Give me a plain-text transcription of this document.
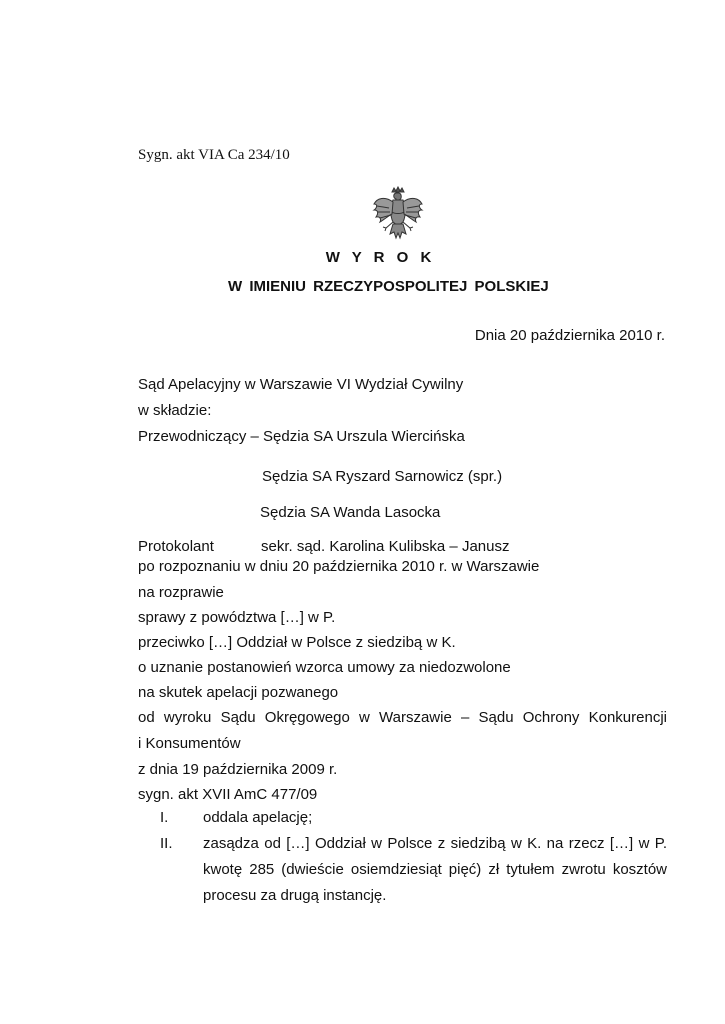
Sygn. akt VIA Ca 234/10
W Y R O K
W IMIENIU RZECZYPOSPOLITEJ POLSKIEJ
Dnia 20 października 2010 r.
Sąd Apelacyjny w Warszawie VI Wydział Cywilny
w składzie:
Przewodniczący – Sędzia SA Urszula Wiercińska
Sędzia SA Ryszard Sarnowicz (spr.)
Sędzia SA Wanda Lasocka
Protokolant	sekr. sąd. Karolina Kulibska – Janusz
po rozpoznaniu w dniu 20 października 2010 r. w Warszawie
na rozprawie
sprawy z powództwa […] w P.
przeciwko […] Oddział w Polsce z siedzibą w K.
o uznanie postanowień wzorca umowy za niedozwolone
na skutek apelacji pozwanego
od wyroku Sądu Okręgowego w Warszawie – Sądu Ochrony Konkurencji
i Konsumentów
z dnia 19 października 2009 r.
sygn. akt XVII AmC 477/09
I. oddala apelację;
II. zasądza od […] Oddział w Polsce z siedzibą w K. na rzecz […] w P.
kwotę 285 (dwieście osiemdziesiąt pięć) zł tytułem zwrotu kosztów
procesu za drugą instancję.
